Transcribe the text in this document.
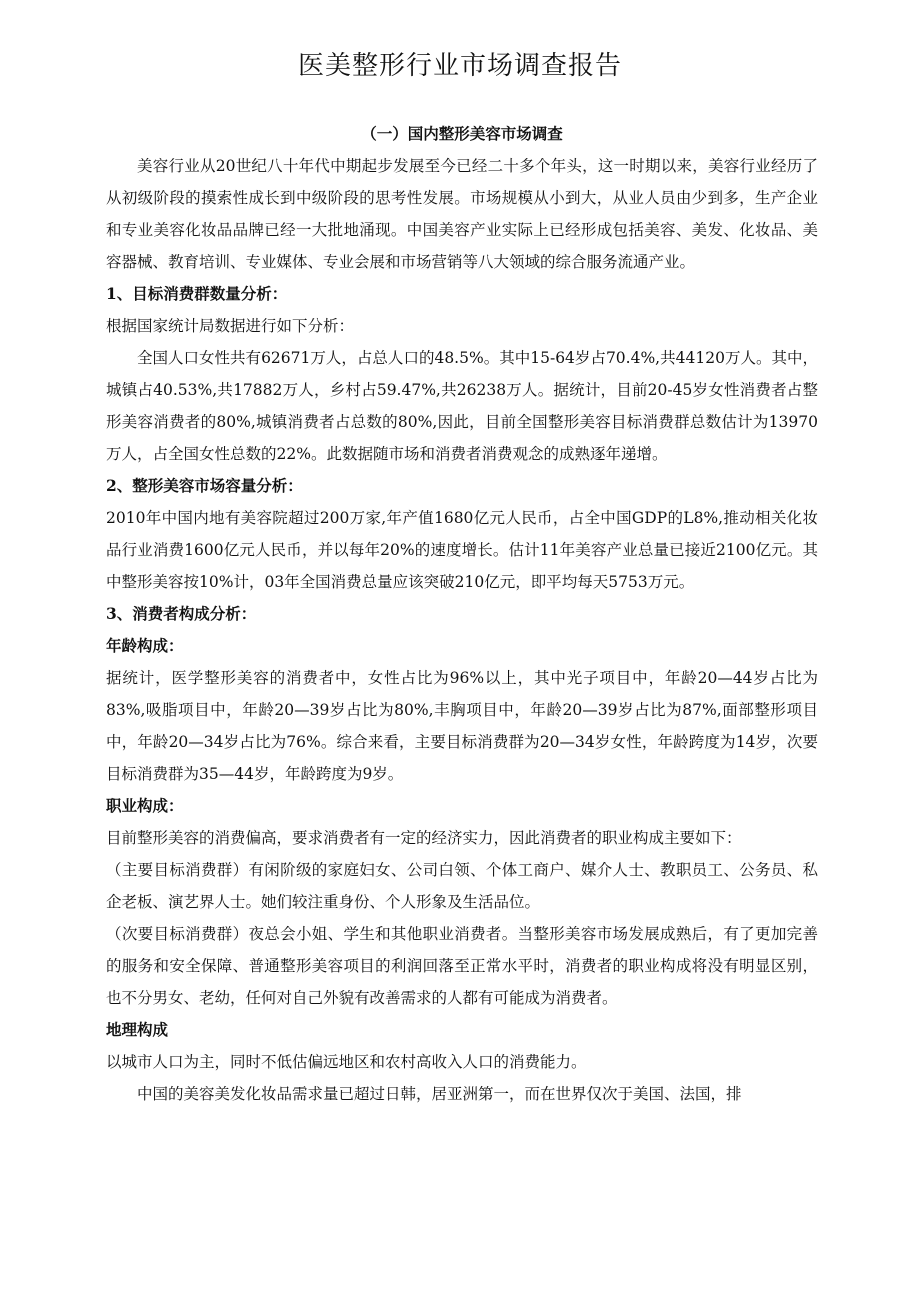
医美整形行业市场调查报告

（一）国内整形美容市场调查

美容行业从20世纪八十年代中期起步发展至今已经二十多个年头，这一时期以来，美容行业经历了从初级阶段的摸索性成长到中级阶段的思考性发展。市场规模从小到大，从业人员由少到多，生产企业和专业美容化妆品品牌已经一大批地涌现。中国美容产业实际上已经形成包括美容、美发、化妆品、美容器械、教育培训、专业媒体、专业会展和市场营销等八大领域的综合服务流通产业。

1、目标消费群数量分析：

根据国家统计局数据进行如下分析：

全国人口女性共有62671万人，占总人口的48.5%。其中15-64岁占70.4%,共44120万人。其中，城镇占40.53%,共17882万人，乡村占59.47%,共26238万人。据统计，目前20-45岁女性消费者占整形美容消费者的80%,城镇消费者占总数的80%,因此，目前全国整形美容目标消费群总数估计为13970万人，占全国女性总数的22%。此数据随市场和消费者消费观念的成熟逐年递增。

2、整形美容市场容量分析：

2010年中国内地有美容院超过200万家,年产值1680亿元人民币，占全中国GDP的L8%,推动相关化妆品行业消费1600亿元人民币，并以每年20%的速度增长。估计11年美容产业总量已接近2100亿元。其中整形美容按10%计，03年全国消费总量应该突破210亿元，即平均每天5753万元。

3、消费者构成分析：

年龄构成：

据统计，医学整形美容的消费者中，女性占比为96%以上，其中光子项目中，年龄20—44岁占比为83%,吸脂项目中，年龄20—39岁占比为80%,丰胸项目中，年龄20—39岁占比为87%,面部整形项目中，年龄20—34岁占比为76%。综合来看，主要目标消费群为20—34岁女性，年龄跨度为14岁，次要目标消费群为35—44岁，年龄跨度为9岁。

职业构成：

目前整形美容的消费偏高，要求消费者有一定的经济实力，因此消费者的职业构成主要如下：

（主要目标消费群）有闲阶级的家庭妇女、公司白领、个体工商户、媒介人士、教职员工、公务员、私企老板、演艺界人士。她们较注重身份、个人形象及生活品位。

（次要目标消费群）夜总会小姐、学生和其他职业消费者。当整形美容市场发展成熟后，有了更加完善的服务和安全保障、普通整形美容项目的利润回落至正常水平时，消费者的职业构成将没有明显区别，也不分男女、老幼，任何对自己外貌有改善需求的人都有可能成为消费者。

地理构成

以城市人口为主，同时不低估偏远地区和农村高收入人口的消费能力。

中国的美容美发化妆品需求量已超过日韩，居亚洲第一，而在世界仅次于美国、法国，排
